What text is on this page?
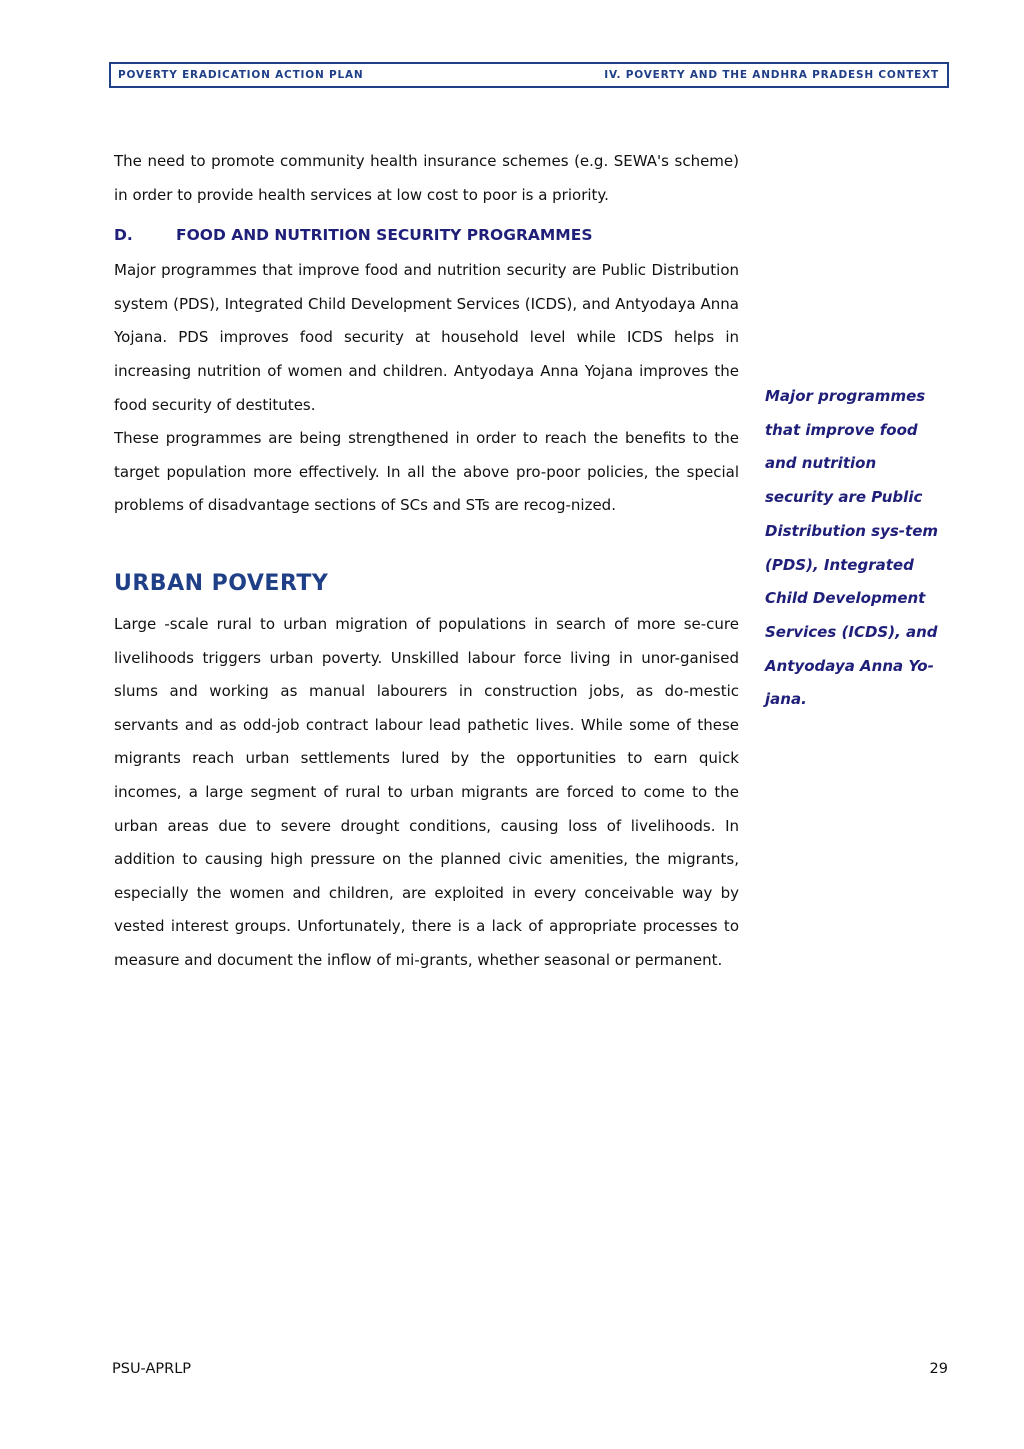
POVERTY ERADICATION ACTION PLAN	IV. POVERTY AND THE ANDHRA PRADESH CONTEXT

The need to promote community health insurance schemes (e.g. SEWA's scheme) in order to provide health services at low cost to poor is a priority.

D.	FOOD AND NUTRITION SECURITY PROGRAMMES

Major programmes that improve food and nutrition security are Public Distribution system (PDS), Integrated Child Development Services (ICDS), and Antyodaya Anna Yojana. PDS improves food security at household level while ICDS helps in increasing nutrition of women and children. Antyodaya Anna Yojana improves the food security of destitutes.

These programmes are being strengthened in order to reach the benefits to the target population more effectively. In all the above pro-poor policies, the special problems of disadvantage sections of SCs and STs are recog-nized.

URBAN POVERTY

Large -scale rural to urban migration of populations in search of more se-cure livelihoods triggers urban poverty. Unskilled labour force living in unor-ganised slums and working as manual labourers in construction jobs, as do-mestic servants and as odd-job contract labour lead pathetic lives. While some of these migrants reach urban settlements lured by the opportunities to earn quick incomes, a large segment of rural to urban migrants are forced to come to the urban areas due to severe drought conditions, causing loss of livelihoods. In addition to causing high pressure on the planned civic amenities, the migrants, especially the women and children, are exploited in every conceivable way by vested interest groups. Unfortunately, there is a lack of appropriate processes to measure and document the inflow of mi-grants, whether seasonal or permanent.

Major programmes that improve food and nutrition security are Public Distribution sys-tem (PDS), Integrated Child Development Services (ICDS), and Antyodaya Anna Yo-jana.
PSU-APRLP	29
